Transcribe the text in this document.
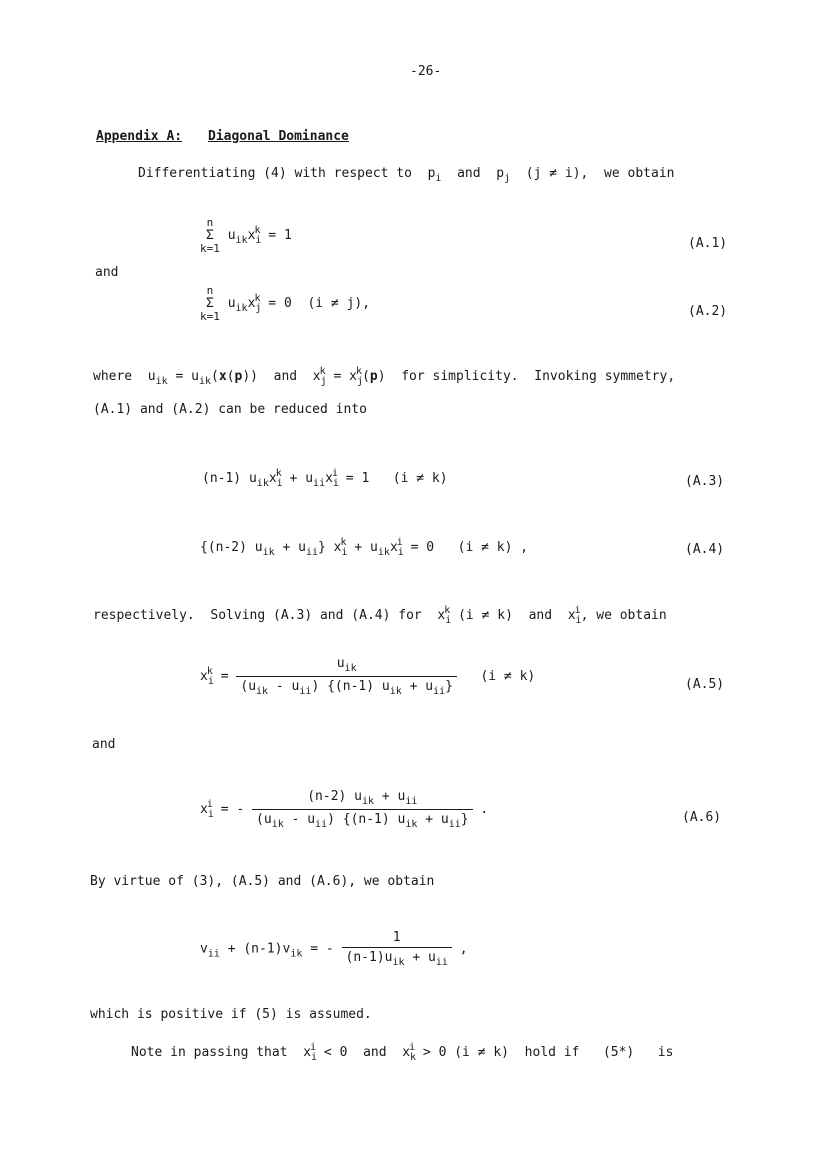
-26-
Appendix A: Diagonal Dominance
Differentiating (4) with respect to  $p_i$ and  $p_j$ (j ≠ i), we obtain
n
Σ
k=1
$u_{ik}x_i^k = 1$
(A.1)
and
n
Σ
k=1
$u_{ik}x_j^k = 0$ (i ≠ j),
(A.2)
where  $u_{ik} = u_{ik}(x(p))$  and  $x_j^k = x_j^k(p)$  for simplicity. Invoking symmetry,
(A.1) and (A.2) can be reduced into
(n-1) $u_{ik}x_i^k + u_{ii}x_i^i = 1$   (i ≠ k)	(A.3)
{(n-2) $u_{ik} + u_{ii}$} $x_i^k + u_{ik}x_i^i = 0$   (i ≠ k) ,	(A.4)
respectively. Solving (A.3) and (A.4) for  $x_i^k$ (i ≠ k) and  $x_i^i$, we obtain
$x_i^k = \frac{u_{ik}}{(u_{ik} - u_{ii}) \{(n-1) u_{ik} + u_{ii}\}} (i \ne k)$
(A.5)
and
$x_i^i$ = - $\frac{(n-2) u_{ik} + u_{ii}}{(u_{ik} - u_{ii}) \{(n-1) u_{ik} + u_{ii}\}}$ .
(A.6)
By virtue of (3), (A.5) and (A.6), we obtain
$v_{ii} + (n-1)v_{ik}$ = - $\frac{1}{(n-1)u_{ik} + u_{ii}}$ ,
which is positive if (5) is assumed.
Note in passing that  $x_i^i < 0$  and  $x_k^i > 0$ (i ≠ k)  hold if (5*) is
